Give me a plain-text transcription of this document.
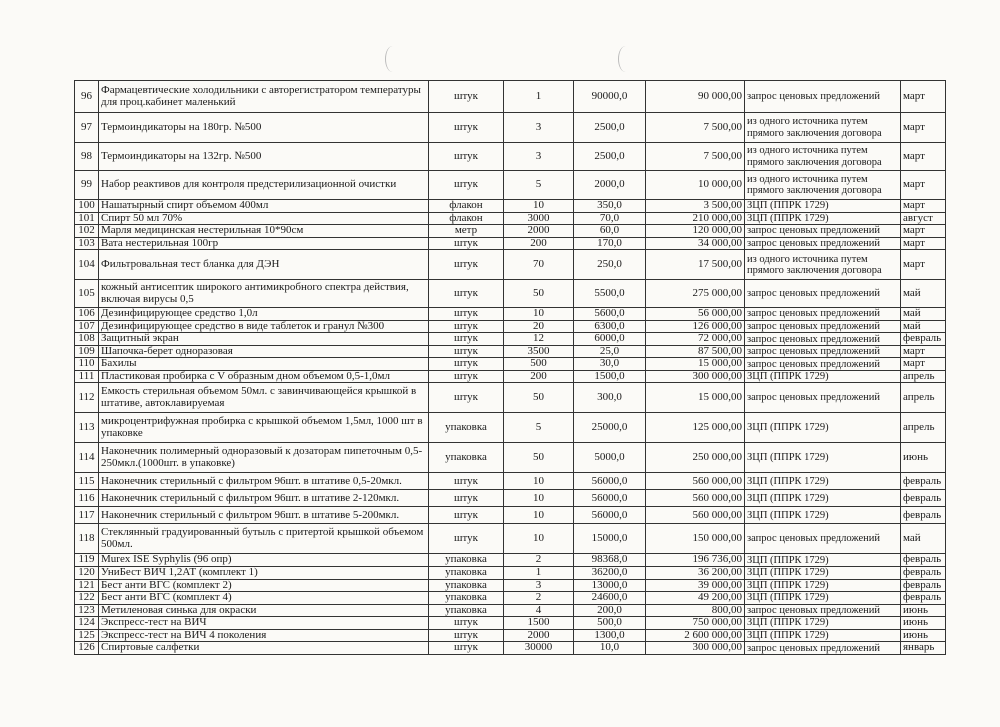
96	Фармацевтические холодильники с авторегистратором температуры для проц.кабинет маленький	штук	1	90000,0	90 000,00	запрос ценовых предложений	март
97	Термоиндикаторы на 180гр. №500	штук	3	2500,0	7 500,00	из одного источника путем прямого заключения договора	март
98	Термоиндикаторы на 132гр. №500	штук	3	2500,0	7 500,00	из одного источника путем прямого заключения договора	март
99	Набор реактивов для контроля предстерилизационной очистки	штук	5	2000,0	10 000,00	из одного источника путем прямого заключения договора	март
100	Нашатырный спирт объемом 400мл	флакон	10	350,0	3 500,00	ЗЦП (ППРК 1729)	март
101	Спирт 50 мл 70%	флакон	3000	70,0	210 000,00	ЗЦП (ППРК 1729)	август
102	Марля медицинская нестерильная 10*90см	метр	2000	60,0	120 000,00	запрос ценовых предложений	март
103	Вата нестерильная 100гр	штук	200	170,0	34 000,00	запрос ценовых предложений	март
104	Фильтровальная тест бланка для ДЭН	штук	70	250,0	17 500,00	из одного источника путем прямого заключения договора	март
105	кожный антисептик широкого антимикробного спектра действия, включая вирусы 0,5	штук	50	5500,0	275 000,00	запрос ценовых предложений	май
106	Дезинфицирующее средство 1,0л	штук	10	5600,0	56 000,00	запрос ценовых предложений	май
107	Дезинфицирующее средство в виде таблеток и гранул №300	штук	20	6300,0	126 000,00	запрос ценовых предложений	май
108	Защитный экран	штук	12	6000,0	72 000,00	запрос ценовых предложений	февраль
109	Шапочка-берет одноразовая	штук	3500	25,0	87 500,00	запрос ценовых предложений	март
110	Бахилы	штук	500	30,0	15 000,00	запрос ценовых предложений	март
111	Пластиковая пробирка с V образным дном объемом 0,5-1,0мл	штук	200	1500,0	300 000,00	ЗЦП (ППРК 1729)	апрель
112	Емкость стерильная объемом 50мл. с завинчивающейся крышкой в штативе, автоклавируемая	штук	50	300,0	15 000,00	запрос ценовых предложений	апрель
113	микроцентрифужная пробирка с крышкой объемом 1,5мл, 1000 шт в упаковке	упаковка	5	25000,0	125 000,00	ЗЦП (ППРК 1729)	апрель
114	Наконечник полимерный одноразовый к дозаторам пипеточным 0,5-250мкл.(1000шт. в упаковке)	упаковка	50	5000,0	250 000,00	ЗЦП (ППРК 1729)	июнь
115	Наконечник стерильный с фильтром 96шт. в штативе 0,5-20мкл.	штук	10	56000,0	560 000,00	ЗЦП (ППРК 1729)	февраль
116	Наконечник стерильный с фильтром 96шт. в штативе 2-120мкл.	штук	10	56000,0	560 000,00	ЗЦП (ППРК 1729)	февраль
117	Наконечник стерильный с фильтром 96шт. в штативе 5-200мкл.	штук	10	56000,0	560 000,00	ЗЦП (ППРК 1729)	февраль
118	Стеклянный градуированный бутыль с притертой крышкой объемом 500мл.	штук	10	15000,0	150 000,00	запрос ценовых предложений	май
119	Murex ISE Syphylis (96 опр)	упаковка	2	98368,0	196 736,00	ЗЦП (ППРК 1729)	февраль
120	УниБест ВИЧ 1,2АТ (комплект 1)	упаковка	1	36200,0	36 200,00	ЗЦП (ППРК 1729)	февраль
121	Бест анти ВГС (комплект 2)	упаковка	3	13000,0	39 000,00	ЗЦП (ППРК 1729)	февраль
122	Бест анти ВГС (комплект 4)	упаковка	2	24600,0	49 200,00	ЗЦП (ППРК 1729)	февраль
123	Метиленовая синька для окраски	упаковка	4	200,0	800,00	запрос ценовых предложений	июнь
124	Экспресс-тест на ВИЧ	штук	1500	500,0	750 000,00	ЗЦП (ППРК 1729)	июнь
125	Экспресс-тест на ВИЧ 4 поколения	штук	2000	1300,0	2 600 000,00	ЗЦП (ППРК 1729)	июнь
126	Спиртовые салфетки	штук	30000	10,0	300 000,00	запрос ценовых предложений	январь
